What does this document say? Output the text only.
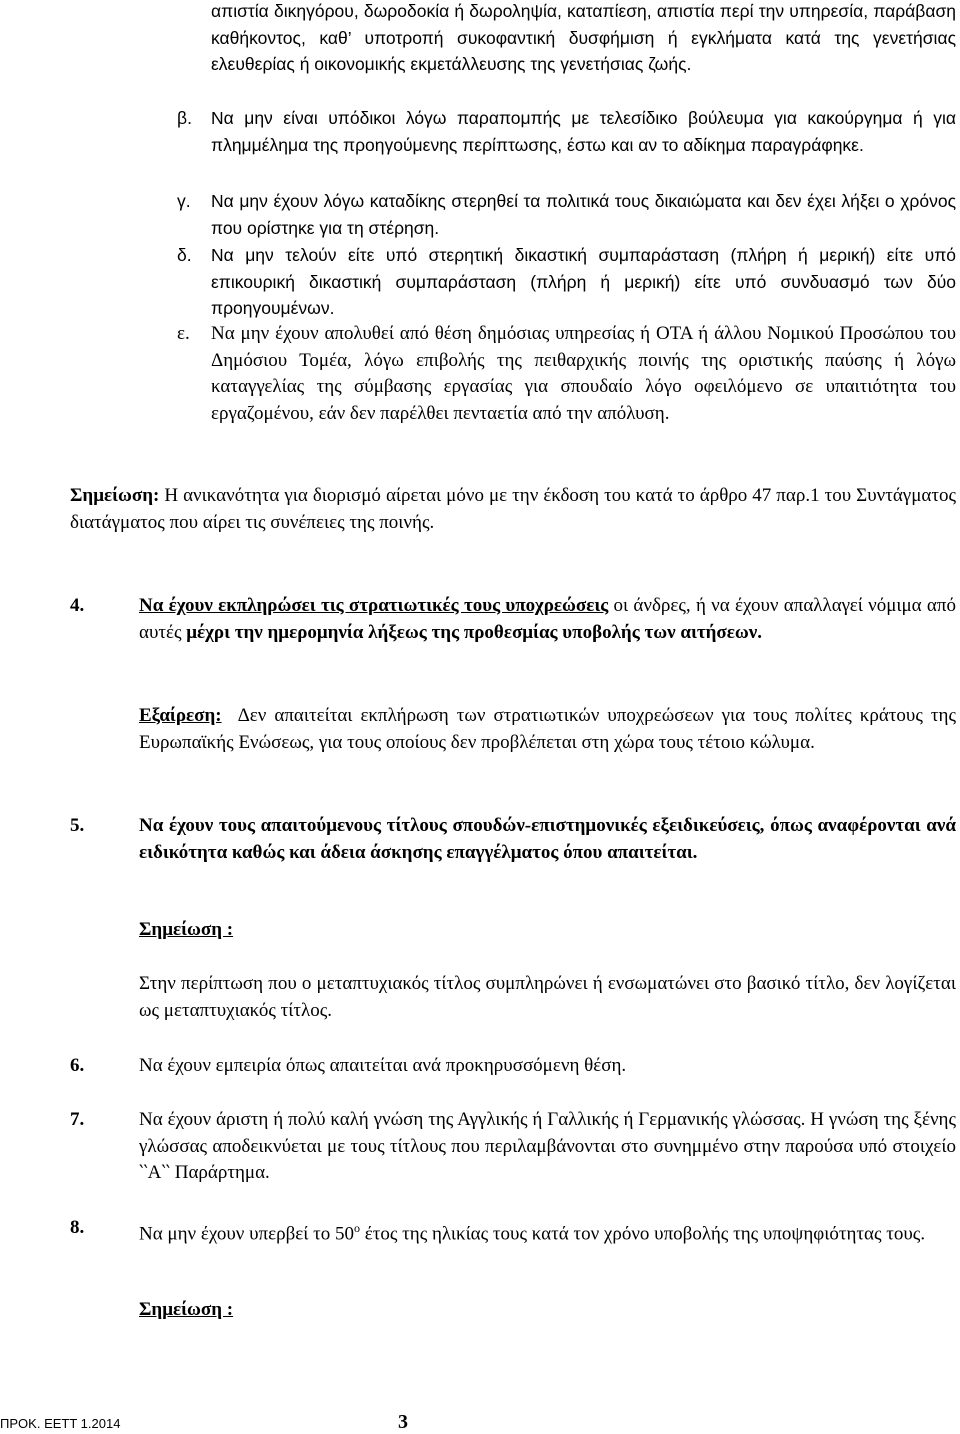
απιστία δικηγόρου, δωροδοκία ή δωροληψία, καταπίεση, απιστία περί την υπηρεσία, παράβαση καθήκοντος, καθ’ υποτροπή συκοφαντική δυσφήμιση ή εγκλήματα κατά της γενετήσιας ελευθερίας ή οικονομικής εκμετάλλευσης της γενετήσιας ζωής.
β. Να μην είναι υπόδικοι λόγω παραπομπής με τελεσίδικο βούλευμα για κακούργημα ή για πλημμέλημα της προηγούμενης περίπτωσης, έστω και αν το αδίκημα παραγράφηκε.
γ. Να μην έχουν λόγω καταδίκης στερηθεί τα πολιτικά τους δικαιώματα και δεν έχει λήξει ο χρόνος που ορίστηκε για τη στέρηση.
δ. Να μην τελούν είτε υπό στερητική δικαστική συμπαράσταση (πλήρη ή μερική) είτε υπό επικουρική δικαστική συμπαράσταση (πλήρη ή μερική) είτε υπό συνδυασμό των δύο προηγουμένων.
ε. Να μην έχουν απολυθεί από θέση δημόσιας υπηρεσίας ή ΟΤΑ ή άλλου Νομικού Προσώπου του Δημόσιου Τομέα, λόγω επιβολής της πειθαρχικής ποινής της οριστικής παύσης ή λόγω καταγγελίας της σύμβασης εργασίας για σπουδαίο λόγο οφειλόμενο σε υπαιτιότητα του εργαζομένου, εάν δεν παρέλθει πενταετία από την απόλυση.
Σημείωση: Η ανικανότητα για διορισμό αίρεται μόνο με την έκδοση του κατά το άρθρο 47 παρ.1 του Συντάγματος διατάγματος που αίρει τις συνέπειες της ποινής.
4.	Να έχουν εκπληρώσει τις στρατιωτικές τους υποχρεώσεις οι άνδρες, ή να έχουν απαλλαγεί νόμιμα από αυτές μέχρι την ημερομηνία λήξεως της προθεσμίας υποβολής των αιτήσεων.
Εξαίρεση: Δεν απαιτείται εκπλήρωση των στρατιωτικών υποχρεώσεων για τους πολίτες κράτους της Ευρωπαϊκής Ενώσεως, για τους οποίους δεν προβλέπεται στη χώρα τους τέτοιο κώλυμα.
5.	Να έχουν τους απαιτούμενους τίτλους σπουδών-επιστημονικές εξειδικεύσεις, όπως αναφέρονται ανά ειδικότητα καθώς και άδεια άσκησης επαγγέλματος όπου απαιτείται.
Σημείωση :
Στην περίπτωση που ο μεταπτυχιακός τίτλος συμπληρώνει ή ενσωματώνει στο βασικό τίτλο, δεν λογίζεται ως μεταπτυχιακός τίτλος.
6.	Να έχουν εμπειρία όπως απαιτείται ανά προκηρυσσόμενη θέση.
7.	Να έχουν άριστη ή πολύ καλή γνώση της Αγγλικής ή Γαλλικής ή Γερμανικής γλώσσας. Η γνώση της ξένης γλώσσας αποδεικνύεται με τους τίτλους που περιλαμβάνονται στο συνημμένο στην παρούσα υπό στοιχείο ‵‵Α‵‵ Παράρτημα.
8.	Να μην έχουν υπερβεί το $50^o$ έτος της ηλικίας τους κατά τον χρόνο υποβολής της υποψηφιότητας τους.
Σημείωση :
ΠΡΟΚ. ΕΕΤΤ 1.2014	3
